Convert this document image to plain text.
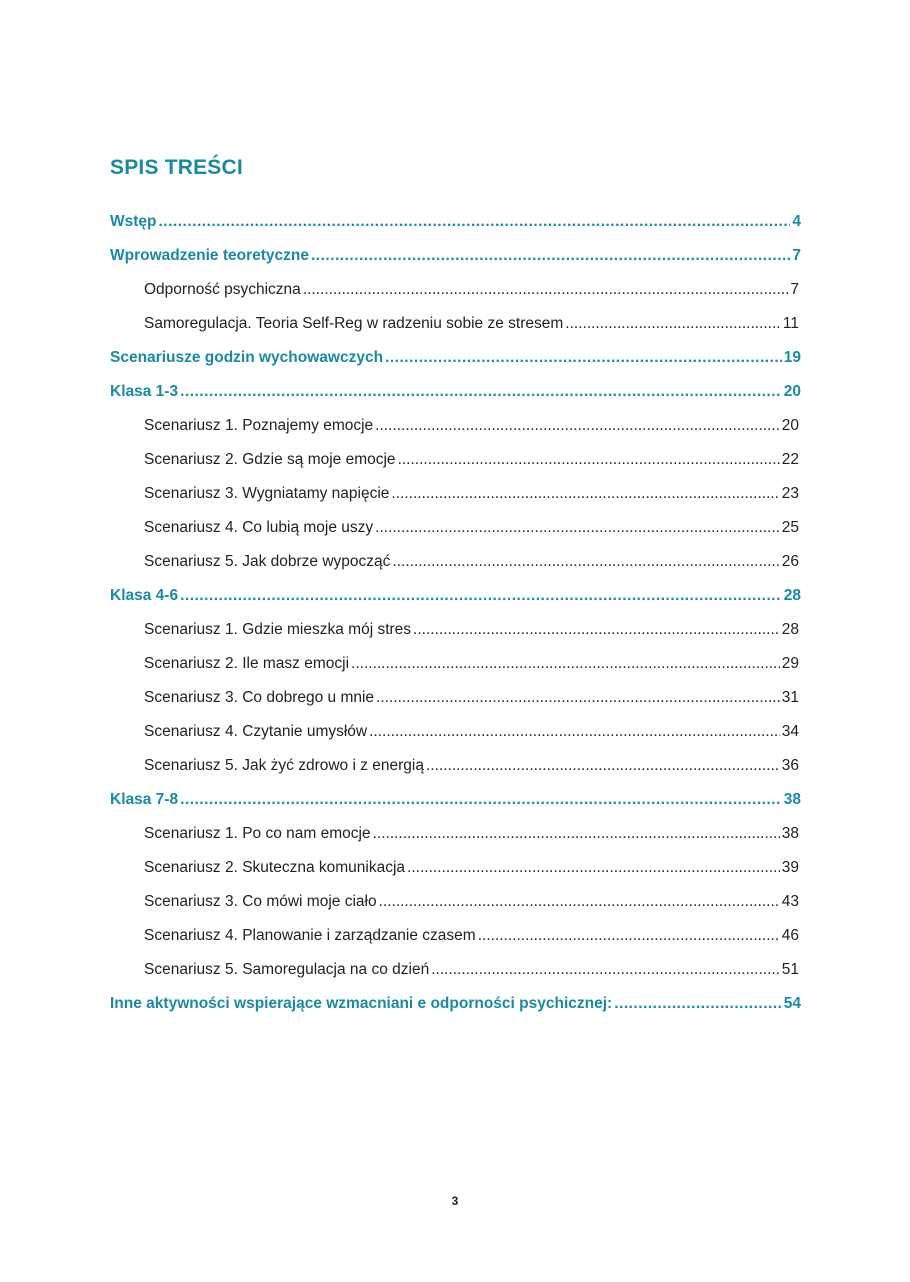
SPIS TREŚCI
Wstęp .....	4
Wprowadzenie teoretyczne .....	7
Odporność psychiczna .....	7
Samoregulacja. Teoria Self-Reg w radzeniu sobie ze stresem .....	11
Scenariusze godzin wychowawczych .....	19
Klasa 1-3 .....	20
Scenariusz 1. Poznajemy emocje .....	20
Scenariusz 2. Gdzie są moje emocje .....	22
Scenariusz 3. Wygniatamy napięcie .....	23
Scenariusz 4. Co lubią moje uszy .....	25
Scenariusz 5. Jak dobrze wypocząć .....	26
Klasa 4-6 .....	28
Scenariusz 1. Gdzie mieszka mój stres .....	28
Scenariusz 2. Ile masz emocji .....	29
Scenariusz 3. Co dobrego u mnie .....	31
Scenariusz 4. Czytanie umysłów .....	34
Scenariusz 5. Jak żyć zdrowo i z energią .....	36
Klasa 7-8 .....	38
Scenariusz 1. Po co nam emocje .....	38
Scenariusz 2. Skuteczna komunikacja .....	39
Scenariusz 3. Co mówi moje ciało .....	43
Scenariusz 4. Planowanie i zarządzanie czasem .....	46
Scenariusz 5. Samoregulacja na co dzień .....	51
Inne aktywności wspierające wzmacniani e odporności psychicznej: .....	54
3
